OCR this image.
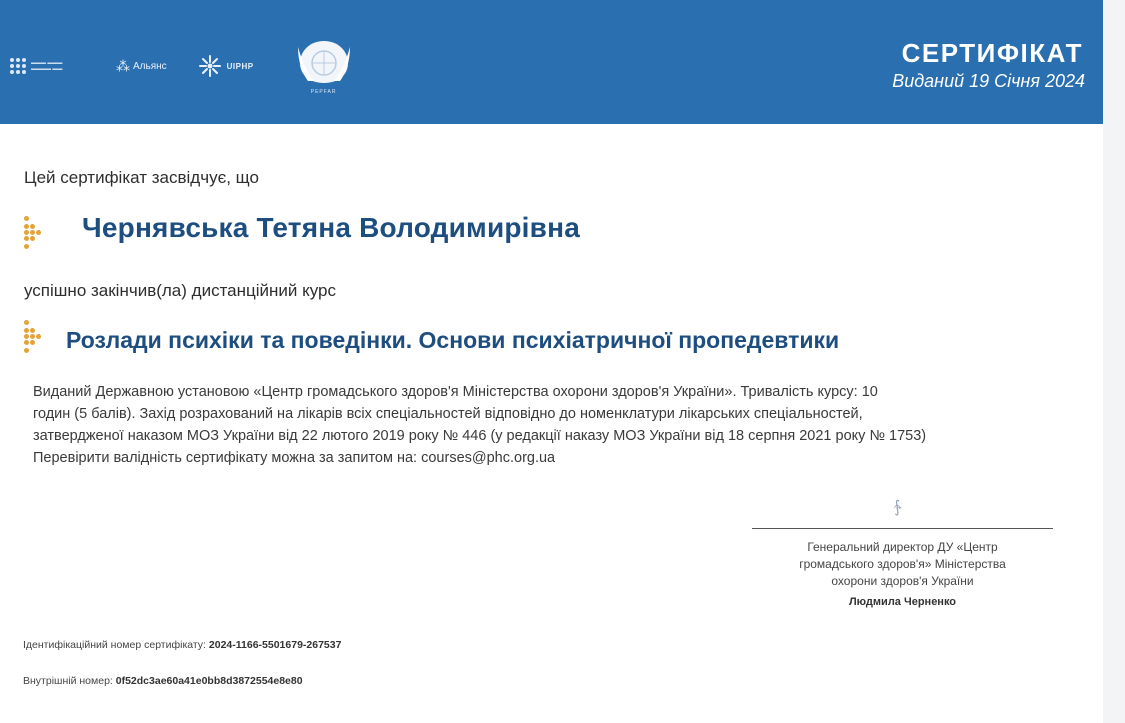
▬▬▬ ▬▬▬
▬▬▬▬ ▬▬	⁂ Альянс	UIPHP
PEPFAR
СЕРТИФІКАТ
Виданий 19 Січня 2024
Цей сертифікат засвідчує, що
Чернявська Тетяна Володимирівна
успішно закінчив(ла) дистанційний курс
Розлади психіки та поведінки. Основи психіатричної пропедевтики

Виданий Державною установою «Центр громадського здоров'я Міністерства охорони здоров'я України». Тривалість курсу: 10

годин (5 балів). Захід розрахований на лікарів всіх спеціальностей відповідно до номенклатури лікарських спеціальностей,

затвердженої наказом МОЗ України від 22 лютого 2019 року № 446 (у редакції наказу МОЗ України від 18 серпня 2021 року № 1753)

Перевірити валідність сертифікату можна за запитом на: courses@phc.org.ua

∱
Генеральний директор ДУ «Центр
громадського здоров'я» Міністерства
охорони здоров'я України
Людмила Черненко
Ідентифікаційний номер сертифікату: 2024-1166-5501679-267537
Внутрішній номер: 0f52dc3ae60a41e0bb8d3872554e8e80
